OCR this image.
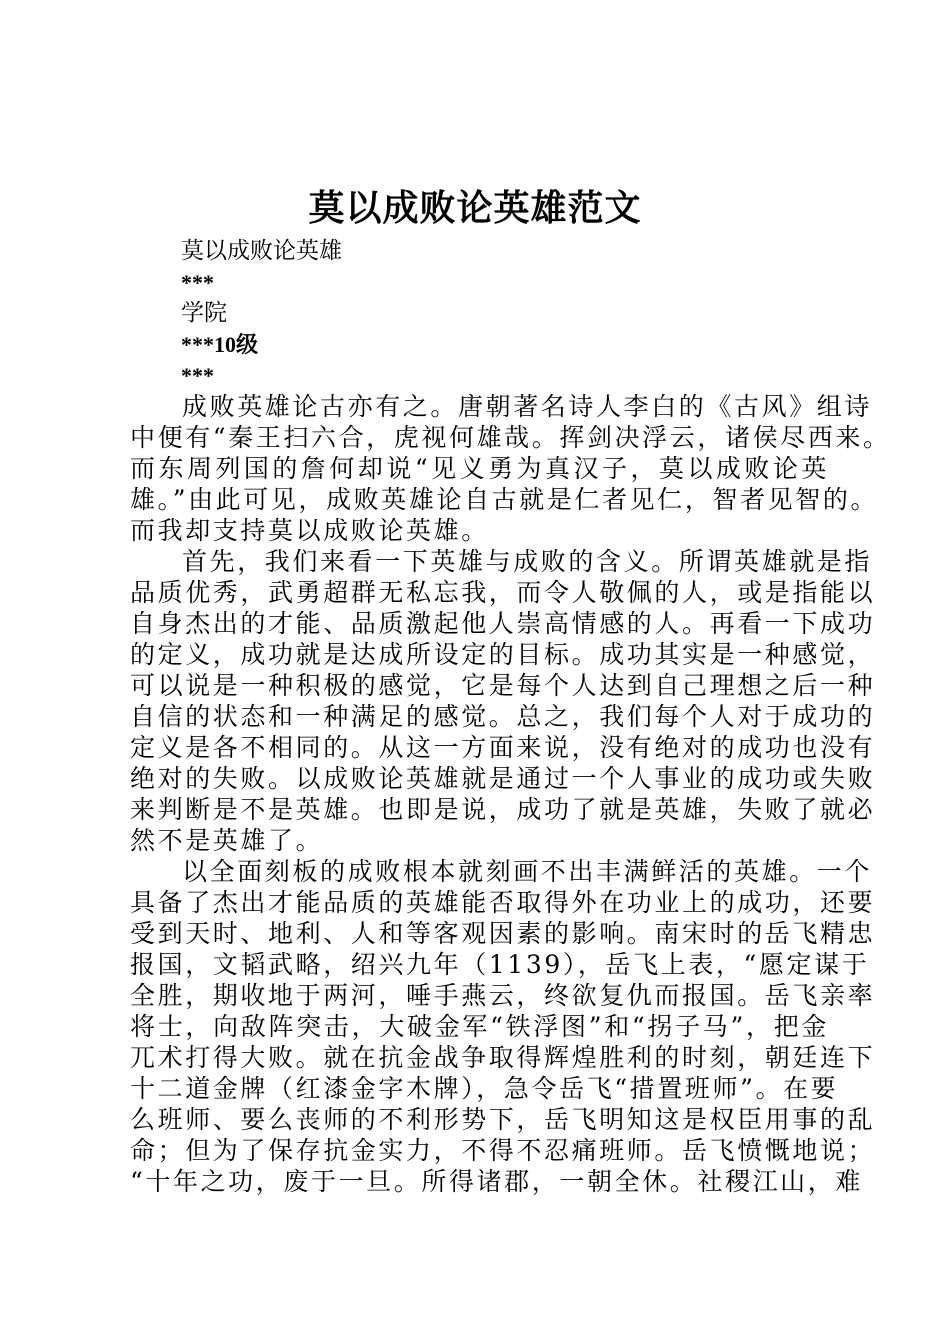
莫以成败论英雄范文
莫以成败论英雄
***
学院
***10级
***
成败英雄论古亦有之。唐朝著名诗人李白的《古风》组诗
中便有“秦王扫六合，虎视何雄哉。挥剑决浮云，诸侯尽西来。
而东周列国的詹何却说“见义勇为真汉子，莫以成败论英
雄。”由此可见，成败英雄论自古就是仁者见仁，智者见智的。
而我却支持莫以成败论英雄。
首先，我们来看一下英雄与成败的含义。所谓英雄就是指
品质优秀，武勇超群无私忘我，而令人敬佩的人，或是指能以
自身杰出的才能、品质激起他人崇高情感的人。再看一下成功
的定义，成功就是达成所设定的目标。成功其实是一种感觉，
可以说是一种积极的感觉，它是每个人达到自己理想之后一种
自信的状态和一种满足的感觉。总之，我们每个人对于成功的
定义是各不相同的。从这一方面来说，没有绝对的成功也没有
绝对的失败。以成败论英雄就是通过一个人事业的成功或失败
来判断是不是英雄。也即是说，成功了就是英雄，失败了就必
然不是英雄了。
以全面刻板的成败根本就刻画不出丰满鲜活的英雄。一个
具备了杰出才能品质的英雄能否取得外在功业上的成功，还要
受到天时、地利、人和等客观因素的影响。南宋时的岳飞精忠
报国，文韬武略，绍兴九年（1139），岳飞上表，“愿定谋于
全胜，期收地于两河，唾手燕云，终欲复仇而报国。岳飞亲率
将士，向敌阵突击，大破金军“铁浮图”和“拐子马”，把金
兀术打得大败。就在抗金战争取得辉煌胜利的时刻，朝廷连下
十二道金牌（红漆金字木牌），急令岳飞“措置班师”。在要
么班师、要么丧师的不利形势下，岳飞明知这是权臣用事的乱
命；但为了保存抗金实力，不得不忍痛班师。岳飞愤慨地说；
“十年之功，废于一旦。所得诸郡，一朝全休。社稷江山，难
